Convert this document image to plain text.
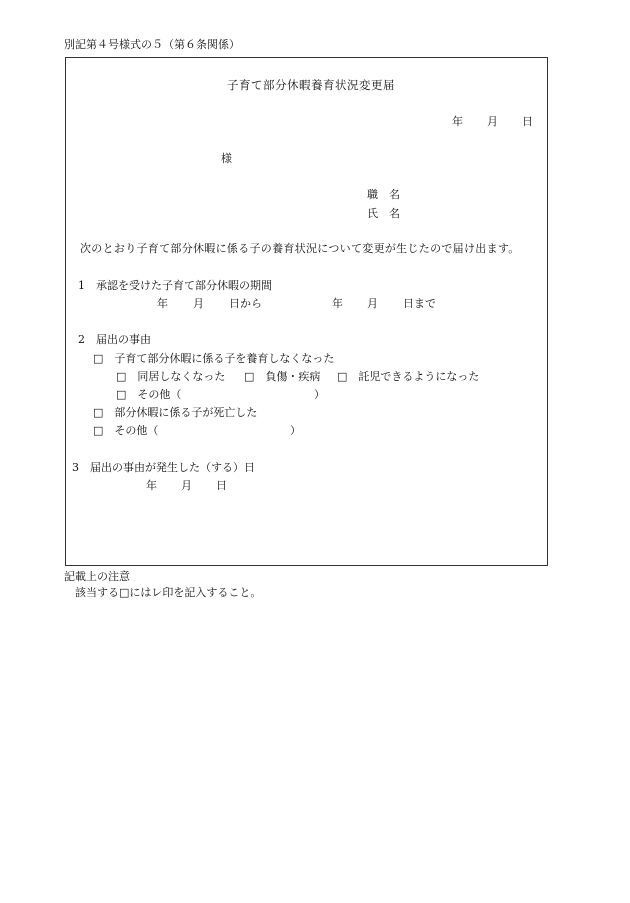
別記第４号様式の５（第６条関係）
子育て部分休暇養育状況変更届
年 月 日
様
職　名
氏　名
次のとおり子育て部分休暇に係る子の養育状況について変更が生じたので届け出ます。
1　承認を受けた子育て部分休暇の期間
年 月 日から	年 月 日まで
2　届出の事由
□　子育て部分休暇に係る子を養育しなくなった
□　同居しなくなった □　負傷・疾病 □　託児できるようになった
□　その他（	）
□　部分休暇に係る子が死亡した
□　その他（	）
3　届出の事由が発生した（する）日
年 月 日
記載上の注意
該当する□にはレ印を記入すること。
